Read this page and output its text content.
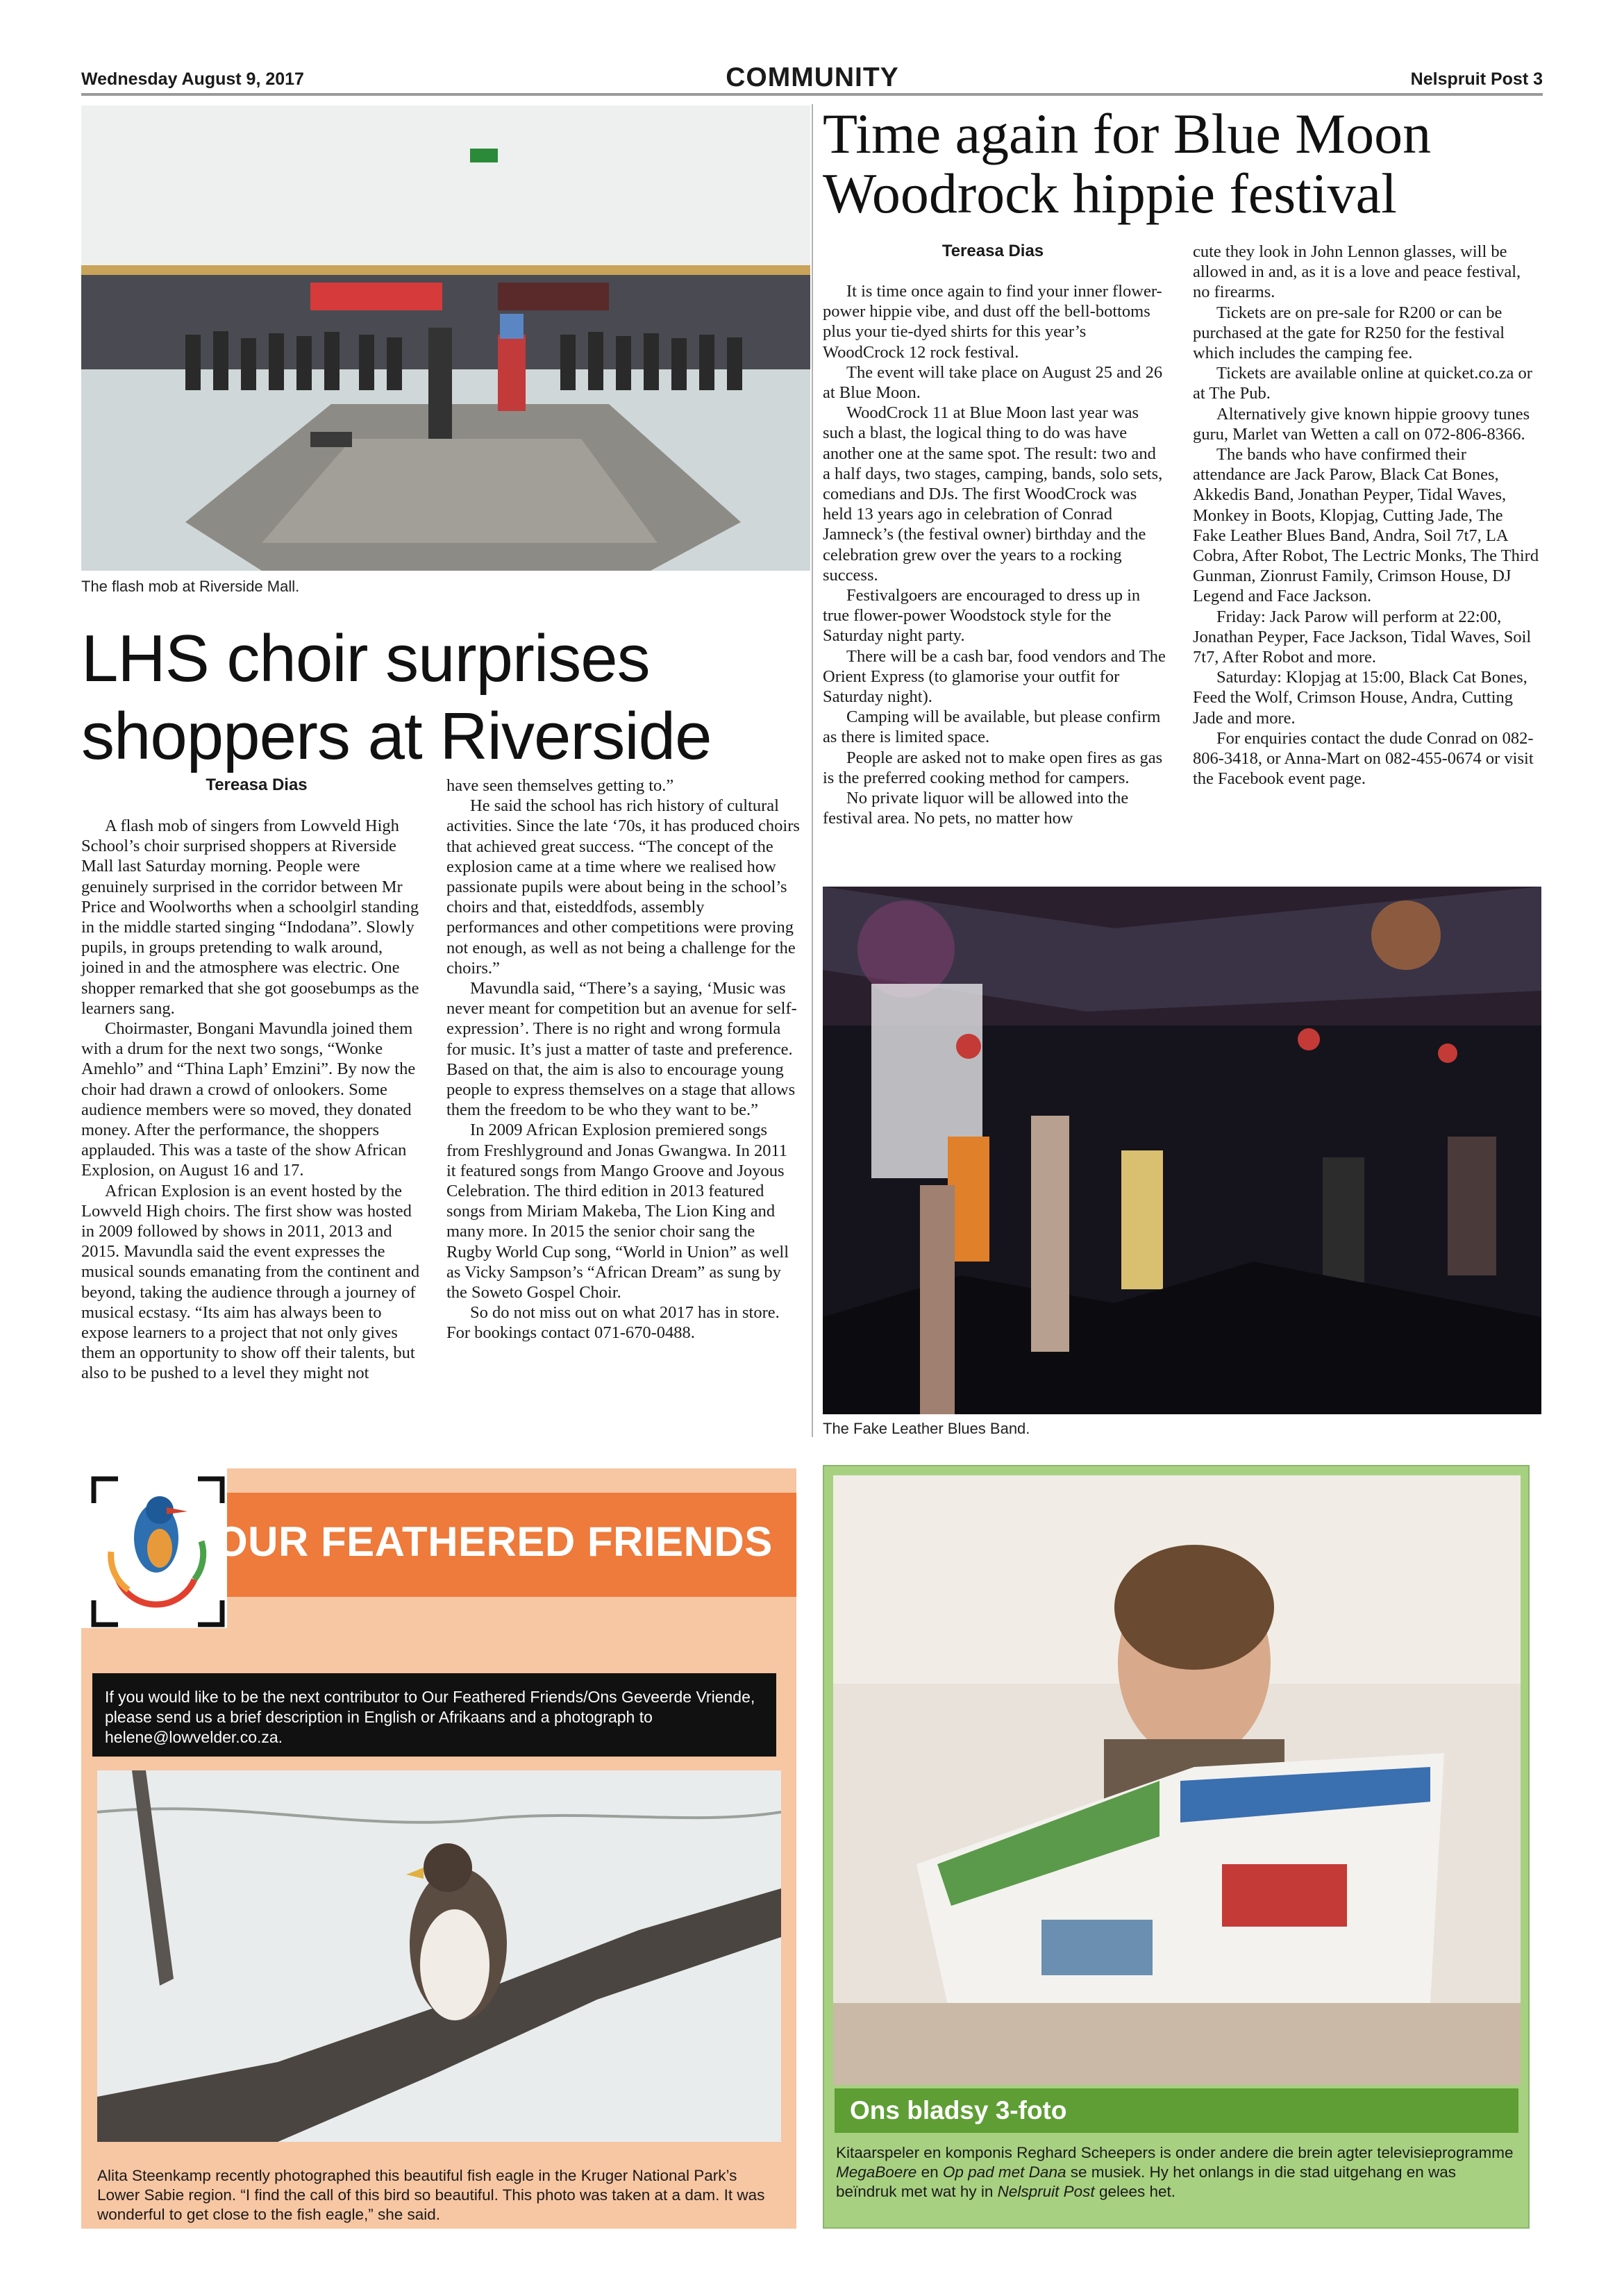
Wednesday August 9, 2017	COMMUNITY	Nelspruit Post 3
The flash mob at Riverside Mall.
LHS choir surprises
shoppers at Riverside
Tereasa Dias

A flash mob of singers from Lowveld High School’s choir surprised shoppers at Riverside Mall last Saturday morning. People were genuinely surprised in the corridor between Mr Price and Woolworths when a schoolgirl standing in the middle started singing “Indodana”. Slowly pupils, in groups pretending to walk around, joined in and the atmosphere was electric. One shopper remarked that she got goosebumps as the learners sang.

Choirmaster, Bongani Mavundla joined them with a drum for the next two songs, “Wonke Amehlo” and “Thina Laph’ Emzini”. By now the choir had drawn a crowd of onlookers. Some audience members were so moved, they donated money. After the performance, the shoppers applauded. This was a taste of the show African Explosion, on August 16 and 17.

African Explosion is an event hosted by the Lowveld High choirs. The first show was hosted in 2009 followed by shows in 2011, 2013 and 2015. Mavundla said the event expresses the musical sounds emanating from the continent and beyond, taking the audience through a journey of musical ecstasy. “Its aim has always been to expose learners to a project that not only gives them an opportunity to show off their talents, but also to be pushed to a level they might not

have seen themselves getting to.”

He said the school has rich history of cultural activities. Since the late ‘70s, it has produced choirs that achieved great success. “The concept of the explosion came at a time where we realised how passionate pupils were about being in the school’s choirs and that, eisteddfods, assembly performances and other competitions were proving not enough, as well as not being a challenge for the choirs.”

Mavundla said, “There’s a saying, ‘Music was never meant for competition but an avenue for self-expression’. There is no right and wrong formula for music. It’s just a matter of taste and preference. Based on that, the aim is also to encourage young people to express themselves on a stage that allows them the freedom to be who they want to be.”

In 2009 African Explosion premiered songs from Freshlyground and Jonas Gwangwa. In 2011 it featured songs from Mango Groove and Joyous Celebration. The third edition in 2013 featured songs from Miriam Makeba, The Lion King and many more. In 2015 the senior choir sang the Rugby World Cup song, “World in Union” as well as Vicky Sampson’s “African Dream” as sung by the Soweto Gospel Choir.

So do not miss out on what 2017 has in store. For bookings contact 071-670-0488.

Time again for Blue Moon
Woodrock hippie festival
Tereasa Dias

It is time once again to find your inner flower-power hippie vibe, and dust off the bell-bottoms plus your tie-dyed shirts for this year’s WoodCrock 12 rock festival.

The event will take place on August 25 and 26 at Blue Moon.

WoodCrock 11 at Blue Moon last year was such a blast, the logical thing to do was have another one at the same spot. The result: two and a half days, two stages, camping, bands, solo sets, comedians and DJs. The first WoodCrock was held 13 years ago in celebration of Conrad Jamneck’s (the festival owner) birthday and the celebration grew over the years to a rocking success.

Festivalgoers are encouraged to dress up in true flower-power Woodstock style for the Saturday night party.

There will be a cash bar, food vendors and The Orient Express (to glamorise your outfit for Saturday night).

Camping will be available, but please confirm as there is limited space.

People are asked not to make open fires as gas is the preferred cooking method for campers.

No private liquor will be allowed into the festival area. No pets, no matter how

cute they look in John Lennon glasses, will be allowed in and, as it is a love and peace festival, no firearms.

Tickets are on pre-sale for R200 or can be purchased at the gate for R250 for the festival which includes the camping fee.

Tickets are available online at quicket.co.za or at The Pub.

Alternatively give known hippie groovy tunes guru, Marlet van Wetten a call on 072-806-8366.

The bands who have confirmed their attendance are Jack Parow, Black Cat Bones, Akkedis Band, Jonathan Peyper, Tidal Waves, Monkey in Boots, Klopjag, Cutting Jade, The Fake Leather Blues Band, Andra, Soil 7t7, LA Cobra, After Robot, The Lectric Monks, The Third Gunman, Zionrust Family, Crimson House, DJ Legend and Face Jackson.

Friday: Jack Parow will perform at 22:00, Jonathan Peyper, Face Jackson, Tidal Waves, Soil 7t7, After Robot and more.

Saturday: Klopjag at 15:00, Black Cat Bones, Feed the Wolf, Crimson House, Andra, Cutting Jade and more.

For enquiries contact the dude Conrad on 082-806-3418, or Anna-Mart on 082-455-0674 or visit the Facebook event page.

The Fake Leather Blues Band.
OUR FEATHERED FRIENDS
If you would like to be the next contributor to Our Feathered Friends/Ons Geveerde Vriende, please send us a brief description in English or Afrikaans and a photograph to helene@lowvelder.co.za.
Alita Steenkamp recently photographed this beautiful fish eagle in the Kruger National Park’s Lower Sabie region. “I find the call of this bird so beautiful. This photo was taken at a dam. It was wonderful to get close to the fish eagle,” she said.
Ons bladsy 3-foto
Kitaarspeler en komponis Reghard Scheepers is onder andere die brein agter televisieprogramme MegaBoere en Op pad met Dana se musiek. Hy het onlangs in die stad uitgehang en was beïndruk met wat hy in Nelspruit Post gelees het.
